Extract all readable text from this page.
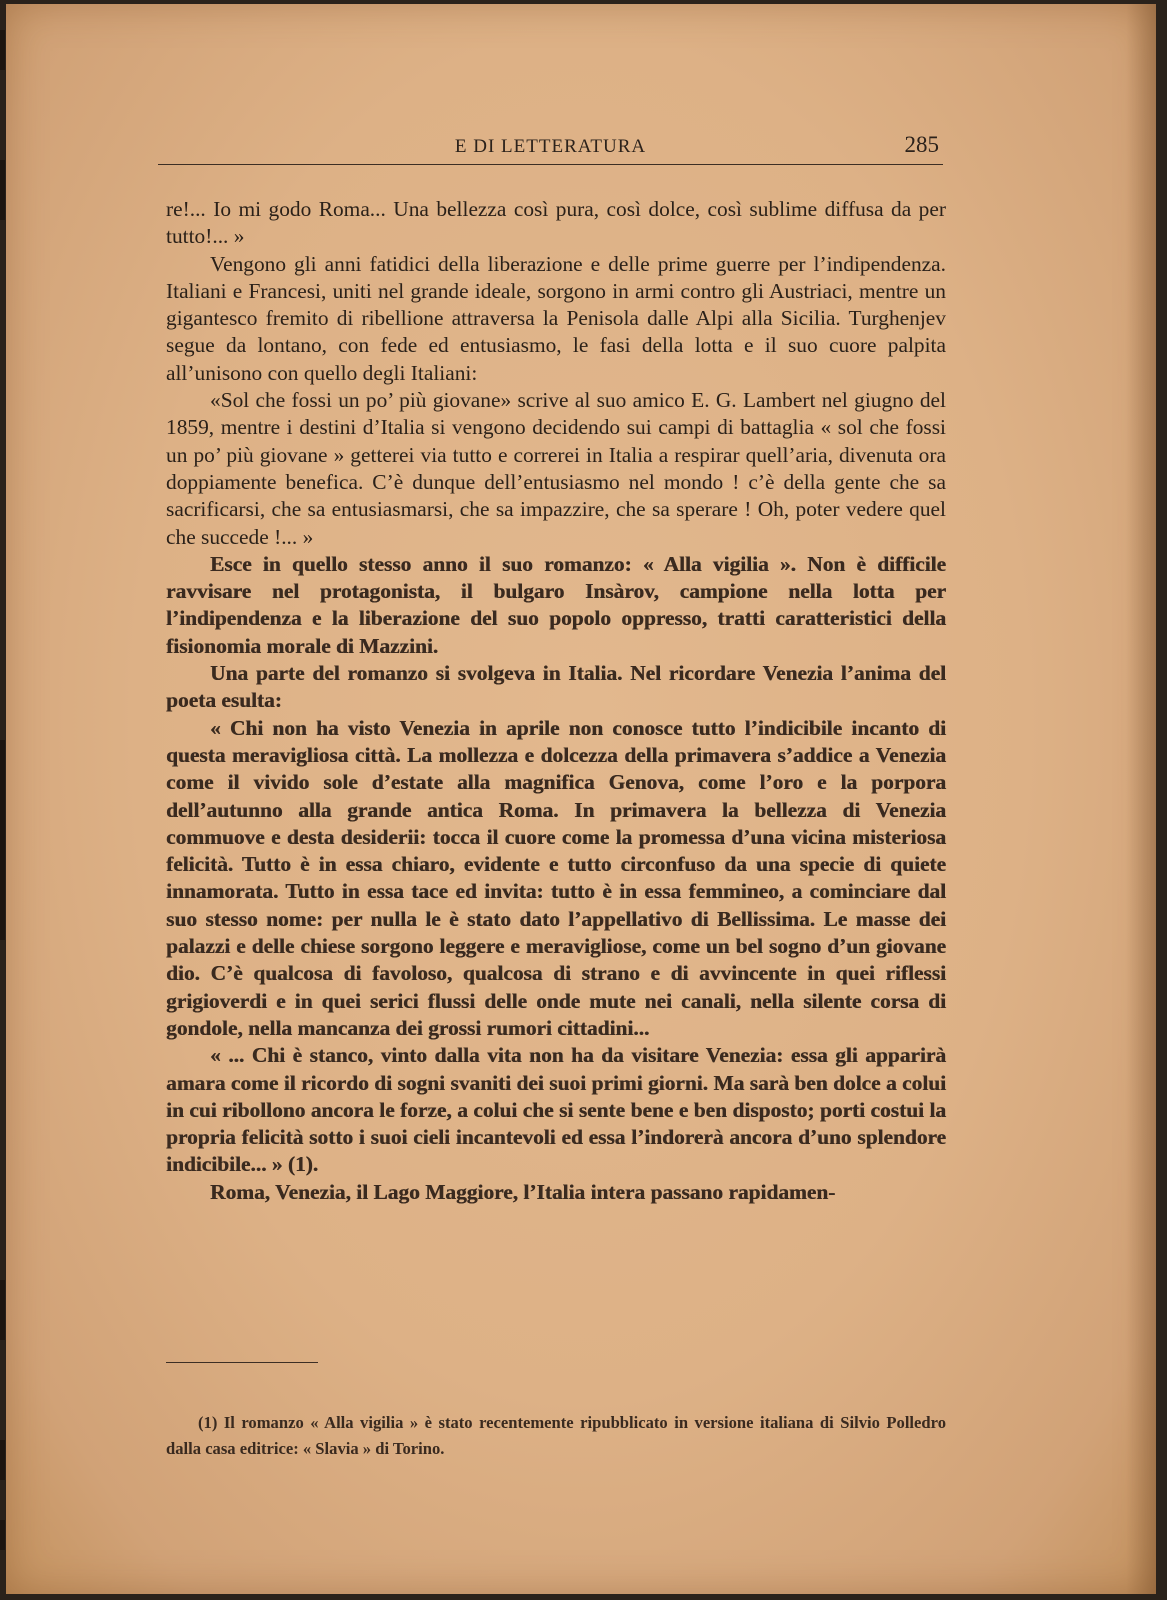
E DI LETTERATURA	285

re!... Io mi godo Roma... Una bellezza così pura, così dolce, così sublime diffusa da per tutto!... »

Vengono gli anni fatidici della liberazione e delle prime guerre per l’indipendenza. Italiani e Francesi, uniti nel grande ideale, sorgono in armi contro gli Austriaci, mentre un gigantesco fremito di ribellione attraversa la Penisola dalle Alpi alla Sicilia. Turghenjev segue da lontano, con fede ed entusiasmo, le fasi della lotta e il suo cuore palpita all’unisono con quello degli Italiani:

«Sol che fossi un po’ più giovane» scrive al suo amico E. G. Lambert nel giugno del 1859, mentre i destini d’Italia si vengono decidendo sui campi di battaglia « sol che fossi un po’ più giovane » getterei via tutto e correrei in Italia a respirar quell’aria, divenuta ora doppiamente benefica. C’è dunque dell’entusiasmo nel mondo ! c’è della gente che sa sacrificarsi, che sa entusiasmarsi, che sa impazzire, che sa sperare ! Oh, poter vedere quel che succede !... »

Esce in quello stesso anno il suo romanzo: « Alla vigilia ». Non è difficile ravvisare nel protagonista, il bulgaro Insàrov, campione nella lotta per l’indipendenza e la liberazione del suo popolo oppresso, tratti caratteristici della fisionomia morale di Mazzini.

Una parte del romanzo si svolgeva in Italia. Nel ricordare Venezia l’anima del poeta esulta:

« Chi non ha visto Venezia in aprile non conosce tutto l’indicibile incanto di questa meravigliosa città. La mollezza e dolcezza della primavera s’addice a Venezia come il vivido sole d’estate alla magnifica Genova, come l’oro e la porpora dell’autunno alla grande antica Roma. In primavera la bellezza di Venezia commuove e desta desiderii: tocca il cuore come la promessa d’una vicina misteriosa felicità. Tutto è in essa chiaro, evidente e tutto circonfuso da una specie di quiete innamorata. Tutto in essa tace ed invita: tutto è in essa femmineo, a cominciare dal suo stesso nome: per nulla le è stato dato l’appellativo di Bellissima. Le masse dei palazzi e delle chiese sorgono leggere e meravigliose, come un bel sogno d’un giovane dio. C’è qualcosa di favoloso, qualcosa di strano e di avvincente in quei riflessi grigioverdi e in quei serici flussi delle onde mute nei canali, nella silente corsa di gondole, nella mancanza dei grossi rumori cittadini...

« ... Chi è stanco, vinto dalla vita non ha da visitare Venezia: essa gli apparirà amara come il ricordo di sogni svaniti dei suoi primi giorni. Ma sarà ben dolce a colui in cui ribollono ancora le forze, a colui che si sente bene e ben disposto; porti costui la propria felicità sotto i suoi cieli incantevoli ed essa l’indorerà ancora d’uno splendore indicibile... » (1).

Roma, Venezia, il Lago Maggiore, l’Italia intera passano rapidamen-

(1) Il romanzo « Alla vigilia » è stato recentemente ripubblicato in versione italiana di Silvio Polledro dalla casa editrice: « Slavia » di Torino.
